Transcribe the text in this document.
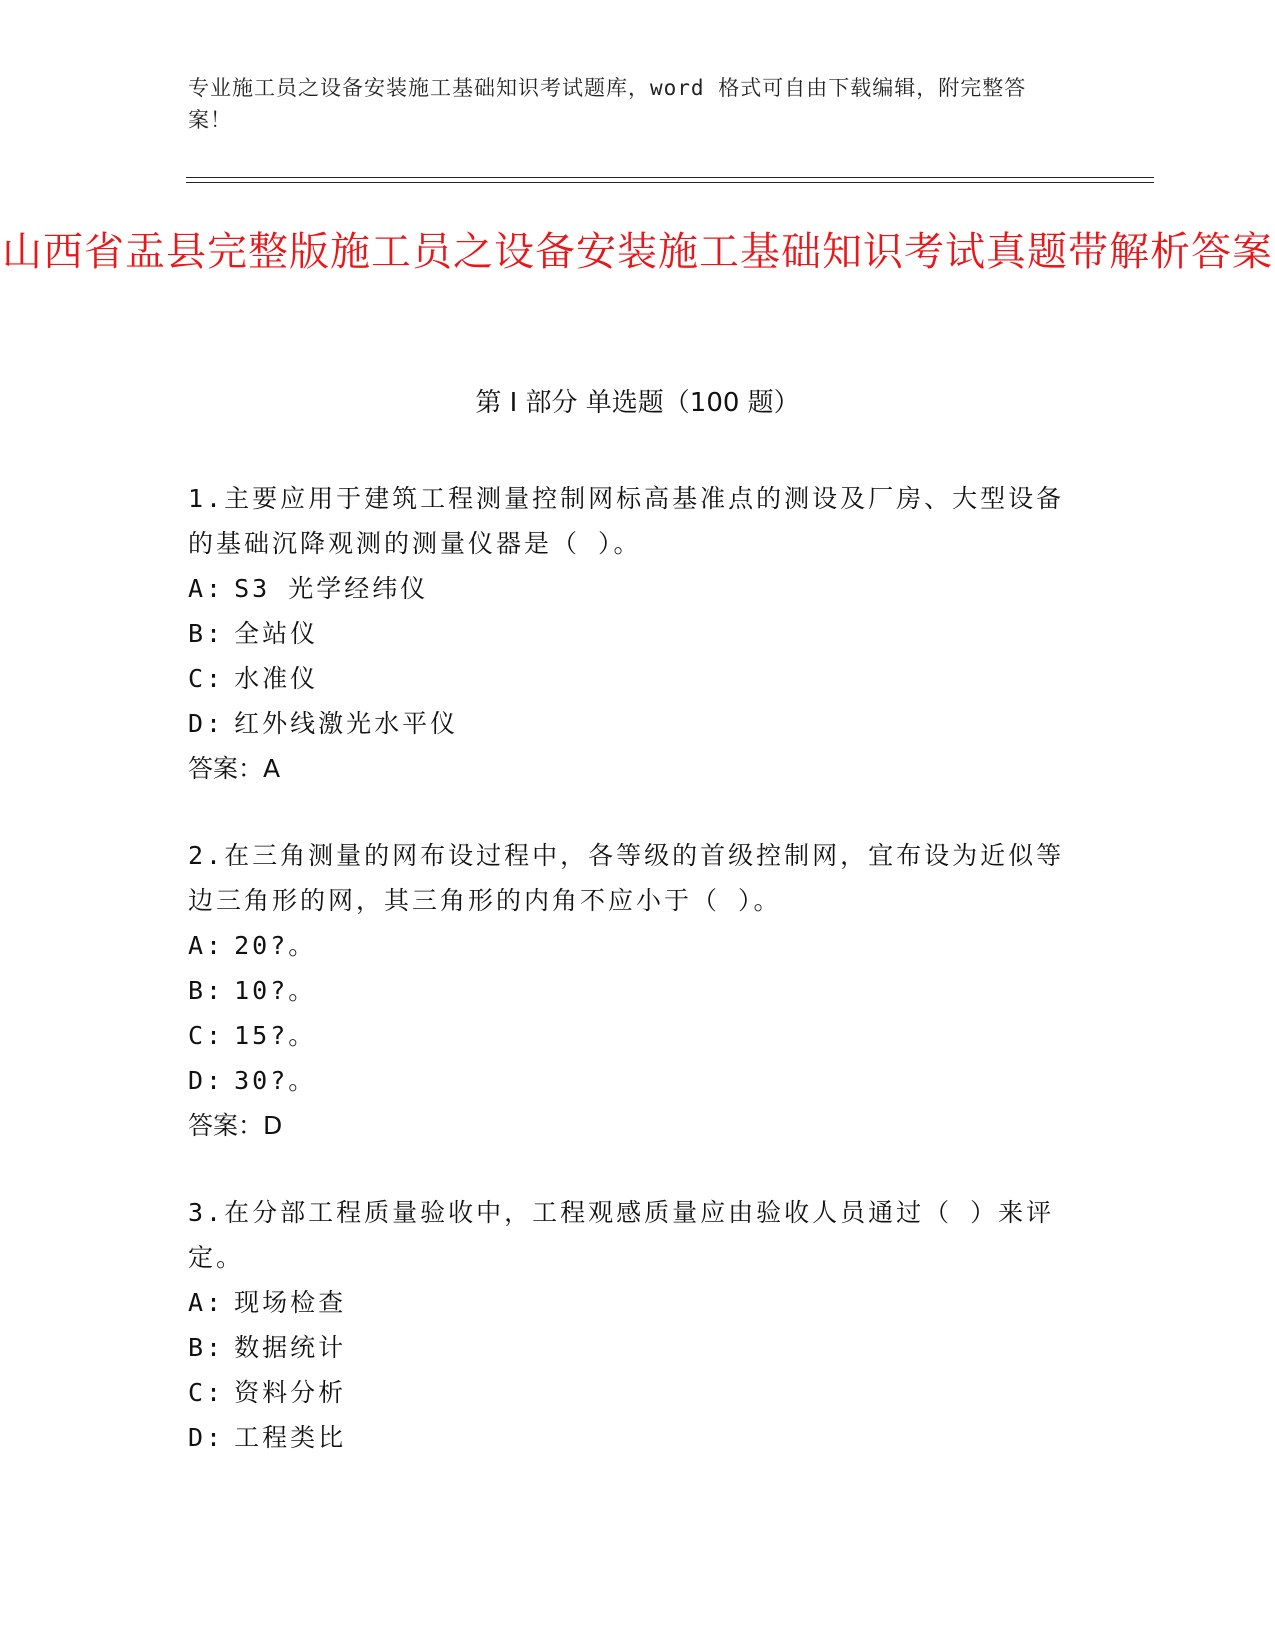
专业施工员之设备安装施工基础知识考试题库，word 格式可自由下载编辑，附完整答案！
山西省盂县完整版施工员之设备安装施工基础知识考试真题带解析答案
第 I 部分 单选题（100 题）

1.主要应用于建筑工程测量控制网标高基准点的测设及厂房、大型设备的基础沉降观测的测量仪器是（ ）。

A: S3 光学经纬仪
B: 全站仪
C: 水准仪
D: 红外线激光水平仪
答案：A

2.在三角测量的网布设过程中，各等级的首级控制网，宜布设为近似等边三角形的网，其三角形的内角不应小于（ ）。

A: 20?。
B: 10?。
C: 15?。
D: 30?。
答案：D

3.在分部工程质量验收中，工程观感质量应由验收人员通过（ ）来评定。

A: 现场检查
B: 数据统计
C: 资料分析
D: 工程类比
